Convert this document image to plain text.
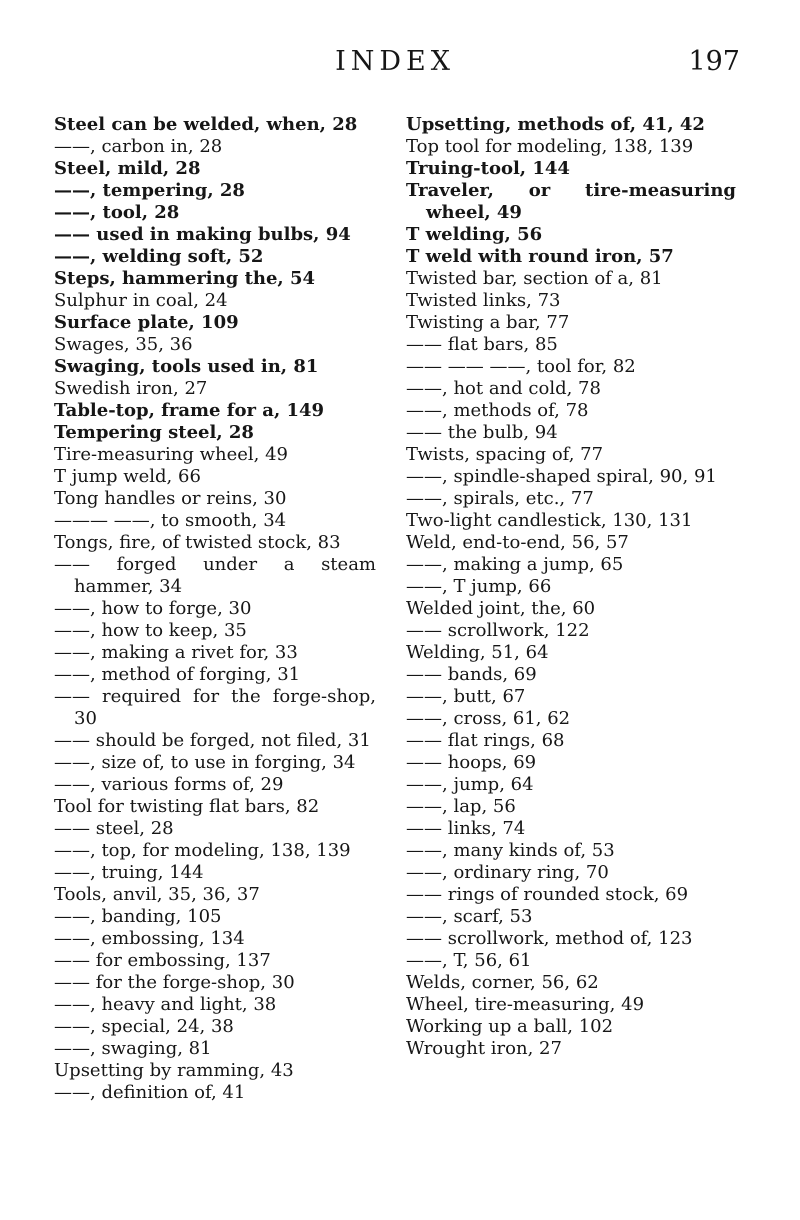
INDEX	197
Steel can be welded, when, 28
——, carbon in, 28
Steel, mild, 28
——, tempering, 28
——, tool, 28
—— used in making bulbs, 94
——, welding soft, 52
Steps, hammering the, 54
Sulphur in coal, 24
Surface plate, 109
Swages, 35, 36
Swaging, tools used in, 81
Swedish iron, 27
Table-top, frame for a, 149
Tempering steel, 28
Tire-measuring wheel, 49
T jump weld, 66
Tong handles or reins, 30
——— ——, to smooth, 34
Tongs, fire, of twisted stock, 83
—— forged under a steam hammer, 34
——, how to forge, 30
——, how to keep, 35
——, making a rivet for, 33
——, method of forging, 31
—— required for the forge-shop, 30
—— should be forged, not filed, 31
——, size of, to use in forging, 34
——, various forms of, 29
Tool for twisting flat bars, 82
—— steel, 28
——, top, for modeling, 138, 139
——, truing, 144
Tools, anvil, 35, 36, 37
——, banding, 105
——, embossing, 134
—— for embossing, 137
—— for the forge-shop, 30
——, heavy and light, 38
——, special, 24, 38
——, swaging, 81
Upsetting by ramming, 43
——, definition of, 41
Upsetting, methods of, 41, 42
Top tool for modeling, 138, 139
Truing-tool, 144
Traveler, or tire-measuring wheel, 49
T welding, 56
T weld with round iron, 57
Twisted bar, section of a, 81
Twisted links, 73
Twisting a bar, 77
—— flat bars, 85
—— —— ——, tool for, 82
——, hot and cold, 78
——, methods of, 78
—— the bulb, 94
Twists, spacing of, 77
——, spindle-shaped spiral, 90, 91
——, spirals, etc., 77
Two-light candlestick, 130, 131
Weld, end-to-end, 56, 57
——, making a jump, 65
——, T jump, 66
Welded joint, the, 60
—— scrollwork, 122
Welding, 51, 64
—— bands, 69
——, butt, 67
——, cross, 61, 62
—— flat rings, 68
—— hoops, 69
——, jump, 64
——, lap, 56
—— links, 74
——, many kinds of, 53
——, ordinary ring, 70
—— rings of rounded stock, 69
——, scarf, 53
—— scrollwork, method of, 123
——, T, 56, 61
Welds, corner, 56, 62
Wheel, tire-measuring, 49
Working up a ball, 102
Wrought iron, 27
